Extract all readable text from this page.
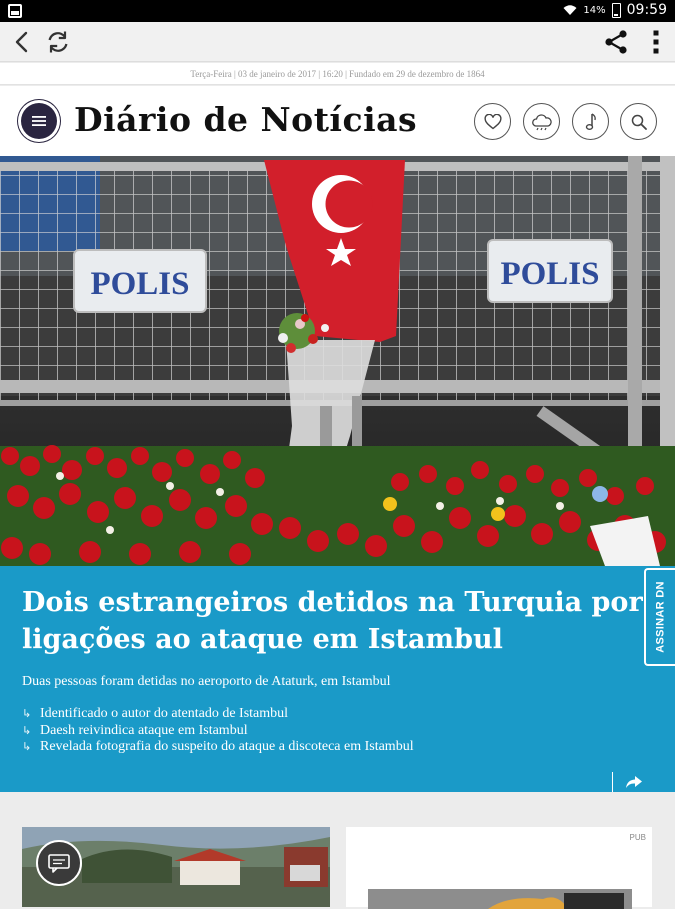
14% 09:59
Terça-Feira | 03 de janeiro de 2017 | 16:20 | Fundado em 29 de dezembro de 1864
Diário de Notícias
POLIS	POLIS
Dois estrangeiros detidos na Turquia por ligações ao ataque em Istambul

Duas pessoas foram detidas no aeroporto de Ataturk, em Istambul

↳ Identificado o autor do atentado de Istambul
↳ Daesh reivindica ataque em Istambul
↳ Revelada fotografia do suspeito do ataque a discoteca em Istambul
ASSINAR DN
PUB
